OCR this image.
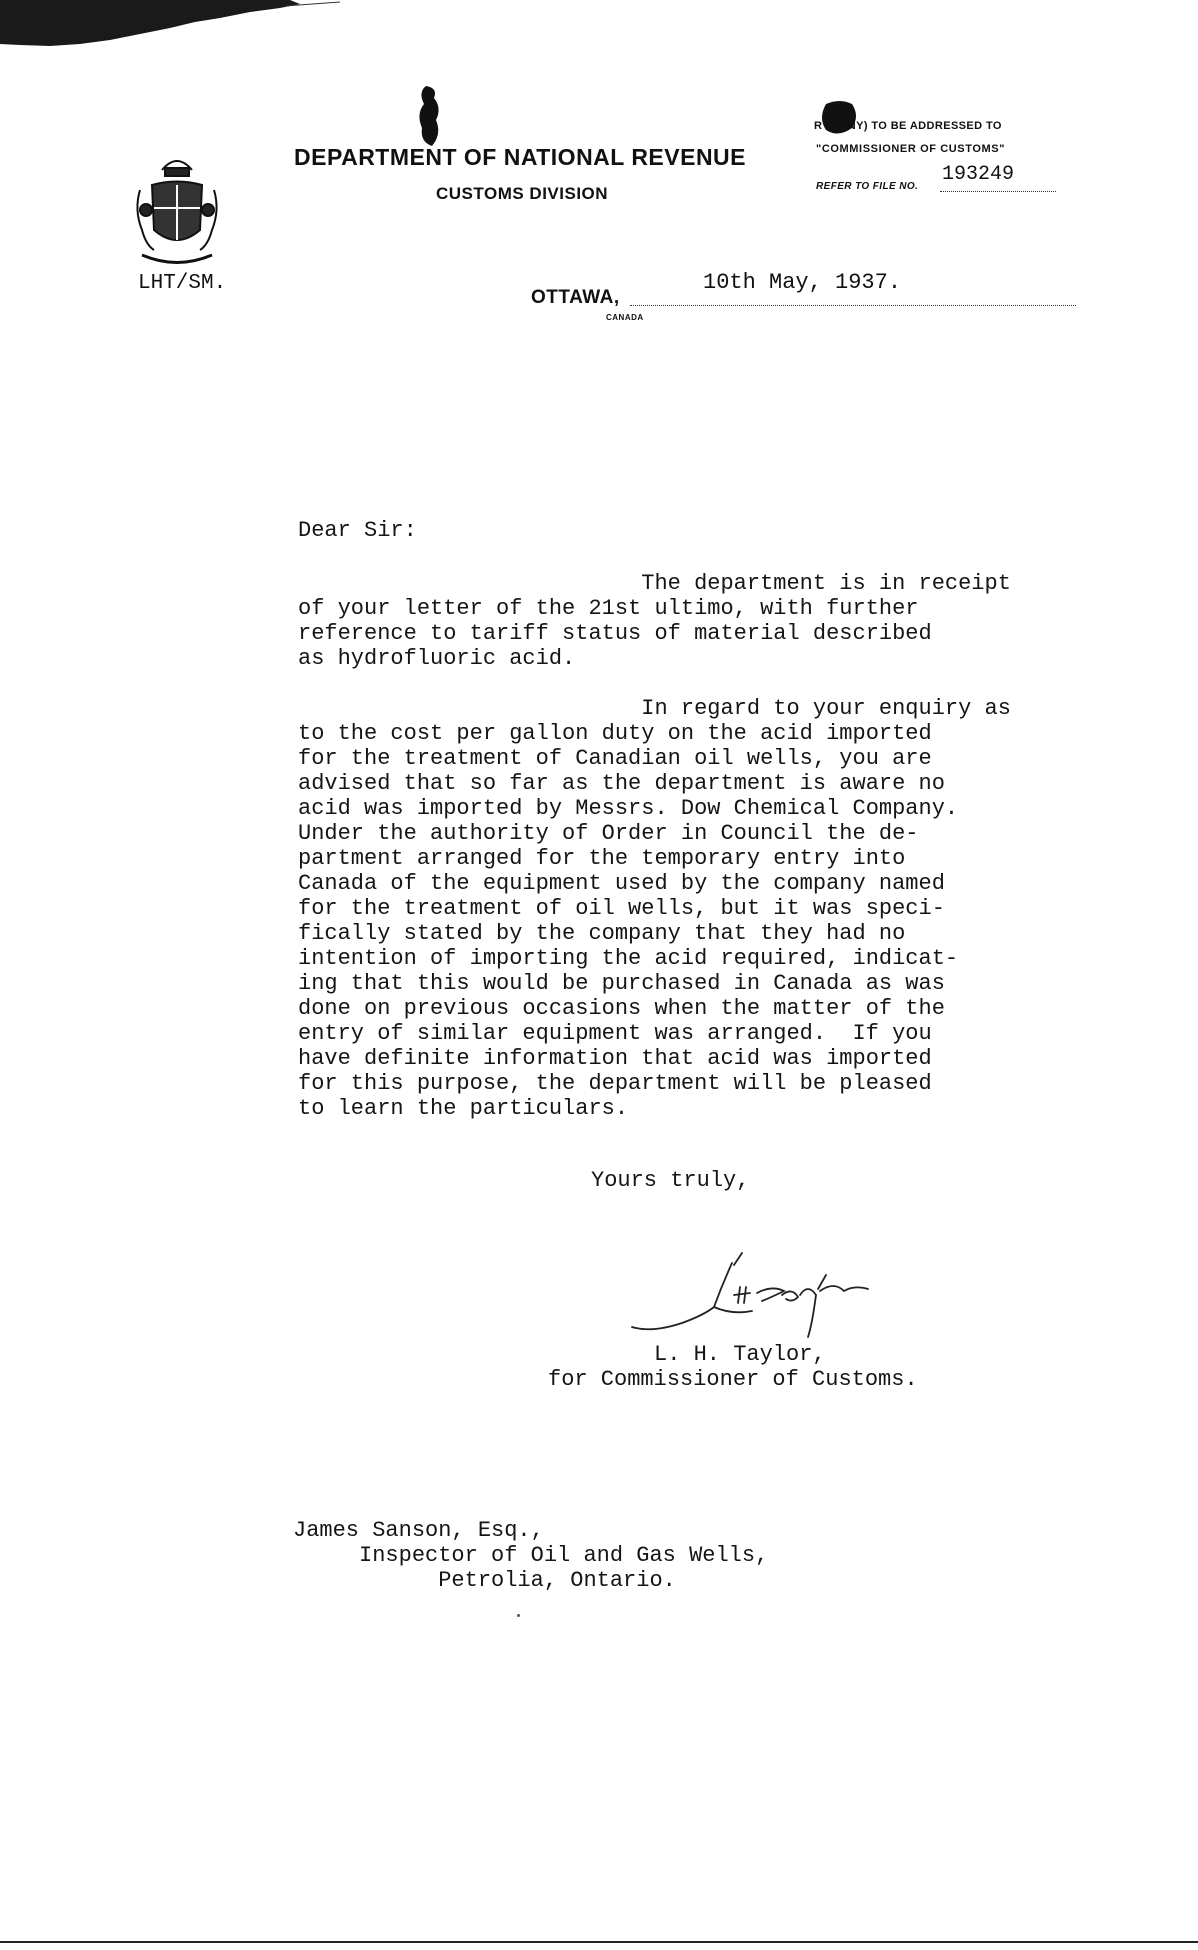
DEPARTMENT OF NATIONAL REVENUE
CUSTOMS DIVISION
R IF ANY) TO BE ADDRESSED TO
"COMMISSIONER OF CUSTOMS"
REFER TO FILE NO.
193249
LHT/SM.
OTTAWA,
CANADA
10th May, 1937.
Dear Sir:
The department is in receipt
of your letter of the 21st ultimo, with further
reference to tariff status of material described
as hydrofluoric acid.
In regard to your enquiry as
to the cost per gallon duty on the acid imported
for the treatment of Canadian oil wells, you are
advised that so far as the department is aware no
acid was imported by Messrs. Dow Chemical Company.
Under the authority of Order in Council the de-
partment arranged for the temporary entry into
Canada of the equipment used by the company named
for the treatment of oil wells, but it was speci-
fically stated by the company that they had no
intention of importing the acid required, indicat-
ing that this would be purchased in Canada as was
done on previous occasions when the matter of the
entry of similar equipment was arranged.  If you
have definite information that acid was imported
for this purpose, the department will be pleased
to learn the particulars.
Yours truly,
L. H. Taylor,
for Commissioner of Customs.
James Sanson, Esq.,
Inspector of Oil and Gas Wells,
Petrolia, Ontario.
